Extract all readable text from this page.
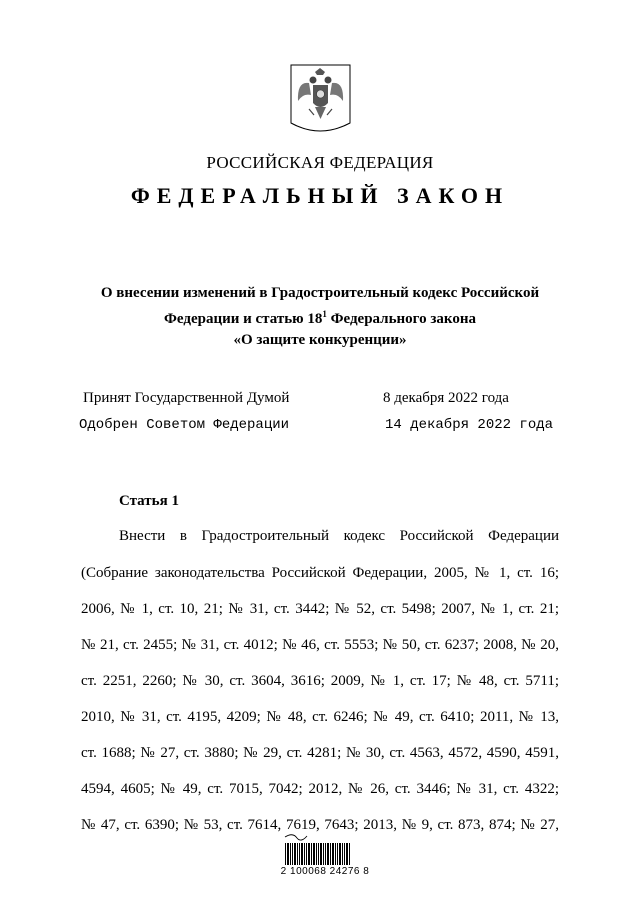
РОССИЙСКАЯ ФЕДЕРАЦИЯ
ФЕДЕРАЛЬНЫЙ ЗАКОН
О внесении изменений в Градостроительный кодекс Российской
Федерации и статью $18^1$ Федерального закона
«О защите конкуренции»
Принят Государственной Думой	8 декабря 2022 года
Одобрен Советом Федерации	14 декабря 2022 года
Статья 1
Внести в Градостроительный кодекс Российской Федерации
(Собрание законодательства Российской Федерации, 2005, № 1, ст. 16;
2006, № 1, ст. 10, 21; № 31, ст. 3442; № 52, ст. 5498; 2007, № 1, ст. 21;
№ 21, ст. 2455; № 31, ст. 4012; № 46, ст. 5553; № 50, ст. 6237; 2008, № 20,
ст. 2251, 2260; № 30, ст. 3604, 3616; 2009, № 1, ст. 17; № 48, ст. 5711;
2010, № 31, ст. 4195, 4209; № 48, ст. 6246; № 49, ст. 6410; 2011, № 13,
ст. 1688; № 27, ст. 3880; № 29, ст. 4281; № 30, ст. 4563, 4572, 4590, 4591,
4594, 4605; № 49, ст. 7015, 7042; 2012, № 26, ст. 3446; № 31, ст. 4322;
№ 47, ст. 6390; № 53, ст. 7614, 7619, 7643; 2013, № 9, ст. 873, 874; № 27,
2 100068 24276 8
